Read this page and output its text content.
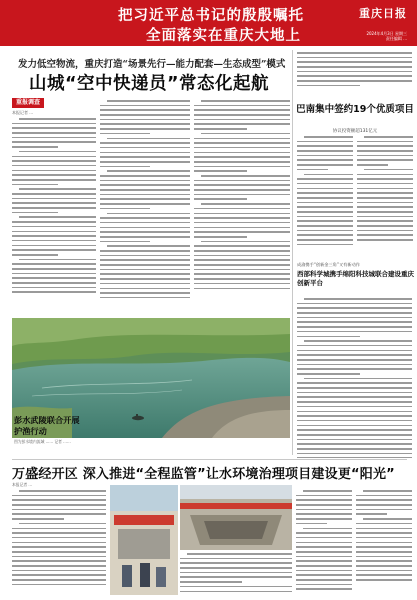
把习近平总书记的殷殷嘱托
全面落实在重庆大地上
重庆日报
2024年4月3日 星期三
责任编辑 ...
发力低空物流，重庆打造“场景先行—能力配套—生态成型”模式
山城“空中快递员”常态化起航
重报调查
本报记者 ...	巴南集中签约19个优质项目
协议投资额超131亿元
成渝携手“创新金三角”又有新动作
西部科学城携手绵阳科技城联合建设重庆创新平台
彭水武陵联合开展护渔行动
图为彭水境内流域 …… 记者 ……
万盛经开区 深入推进“全程监管”让水环境治理项目建设更“阳光”
本报记者 ...
